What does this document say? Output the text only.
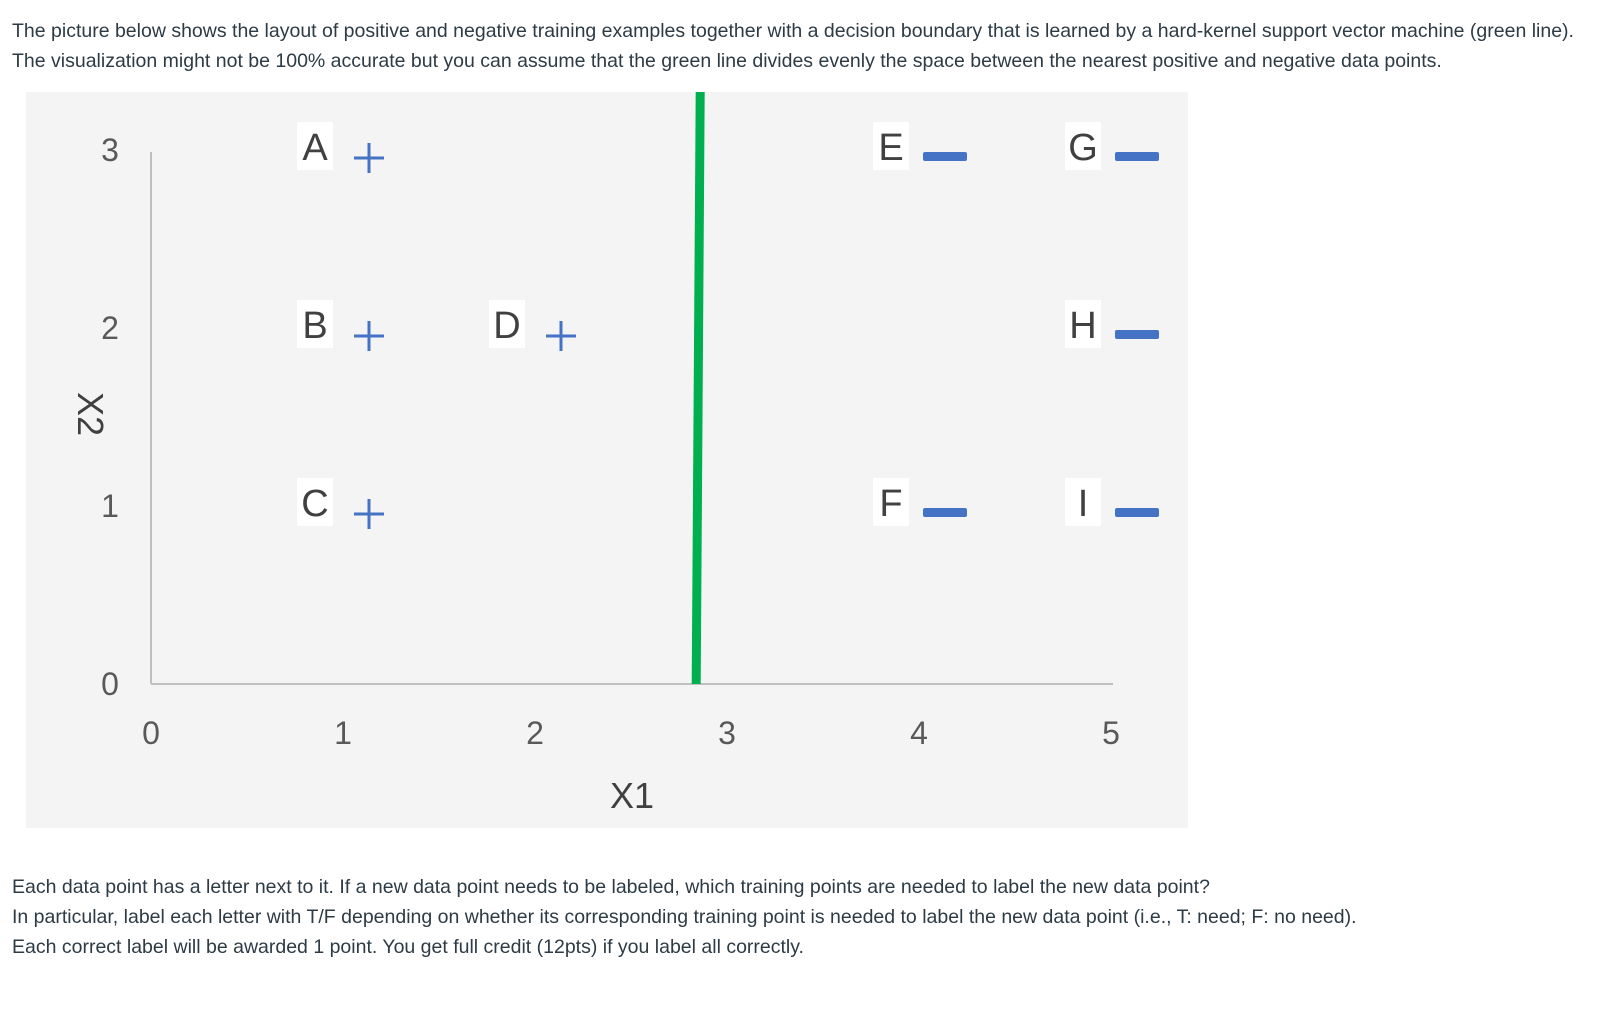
The picture below shows the layout of positive and negative training examples together with a decision boundary that is learned by a hard-kernel support vector machine (green line).

The visualization might not be 100% accurate but you can assume that the green line divides evenly the space between the nearest positive and negative data points.

0	1	2	3	4	5
0
1
2
3
X1
X2
A
B
C
D
E
F
G
H
I

Each data point has a letter next to it. If a new data point needs to be labeled, which training points are needed to label the new data point?

In particular, label each letter with T/F depending on whether its corresponding training point is needed to label the new data point (i.e., T: need; F: no need).

Each correct label will be awarded 1 point. You get full credit (12pts) if you label all correctly.
